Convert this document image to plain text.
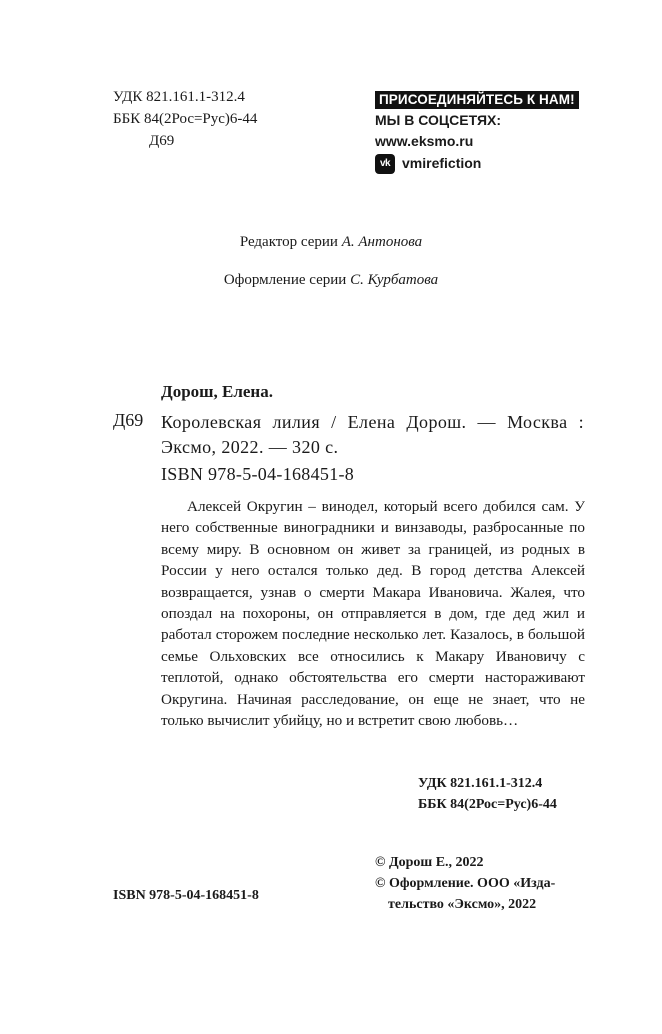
УДК 821.161.1-312.4
ББК 84(2Рос=Рус)6-44
Д69
ПРИСОЕДИНЯЙТЕСЬ К НАМ!
МЫ В СОЦСЕТЯХ:
www.eksmo.ru
vk vmirefiction
Редактор серии А. Антонова
Оформление серии С. Курбатова
Дорош, Елена.
Д69 Королевская лилия / Елена Дорош. — Москва : Эксмо, 2022. — 320 с.
ISBN 978-5-04-168451-8
Алексей Округин – винодел, который всего добился сам. У него собственные виноградники и винзаводы, разбросанные по всему миру. В основном он живет за границей, из родных в России у него остался только дед. В город детства Алексей возвращается, узнав о смерти Макара Ивановича. Жалея, что опоздал на похороны, он отправляется в дом, где дед жил и работал сторожем последние несколько лет. Казалось, в большой семье Ольховских все относились к Макару Ивановичу с теплотой, однако обстоятельства его смерти насторaживают Округина. Начиная расследование, он еще не знает, что не только вычислит убийцу, но и встретит свою любовь…
УДК 821.161.1-312.4
ББК 84(2Рос=Рус)6-44
© Дорош Е., 2022
© Оформление. ООО «Изда-
тельство «Эксмо», 2022
ISBN 978-5-04-168451-8
